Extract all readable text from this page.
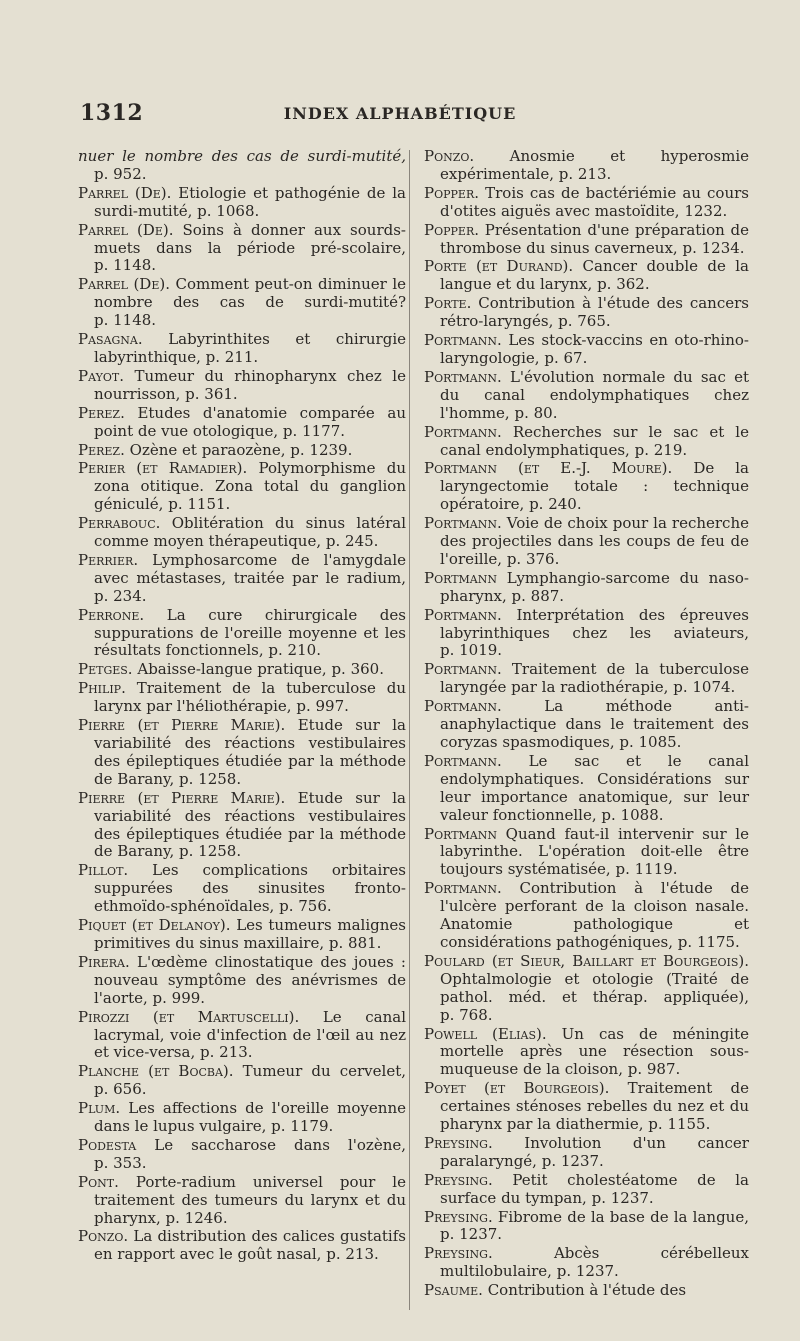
1312	INDEX ALPHABÉTIQUE

nuer le nombre des cas de surdi-mutité, p. 952.

Parrel (De). Etiologie et pathogénie de la surdi-mutité, p. 1068.

Parrel (De). Soins à donner aux sourds-muets dans la période pré-scolaire, p. 1148.

Parrel (De). Comment peut-on diminuer le nombre des cas de surdi-mutité? p. 1148.

Pasagna. Labyrinthites et chirurgie labyrinthique, p. 211.

Payot. Tumeur du rhinopharynx chez le nourrisson, p. 361.

Perez. Etudes d'anatomie comparée au point de vue otologique, p. 1177.

Perez. Ozène et paraozène, p. 1239.

Perier (et Ramadier). Polymorphisme du zona otitique. Zona total du ganglion géniculé, p. 1151.

Perrabouc. Oblitération du sinus latéral comme moyen thérapeutique, p. 245.

Perrier. Lymphosarcome de l'amygdale avec métastases, traitée par le radium, p. 234.

Perrone. La cure chirurgicale des suppurations de l'oreille moyenne et les résultats fonctionnels, p. 210.

Petges. Abaisse-langue pratique, p. 360.

Philip. Traitement de la tuberculose du larynx par l'héliothérapie, p. 997.

Pierre (et Pierre Marie). Etude sur la variabilité des réactions vestibulaires des épileptiques étudiée par la méthode de Barany, p. 1258.

Pierre (et Pierre Marie). Etude sur la variabilité des réactions vestibulaires des épileptiques étudiée par la méthode de Barany, p. 1258.

Pillot. Les complications orbitaires suppurées des sinusites fronto-ethmoïdo-sphénoïdales, p. 756.

Piquet (et Delanoy). Les tumeurs malignes primitives du sinus maxillaire, p. 881.

Pirera. L'œdème clinostatique des joues : nouveau symptôme des anévrismes de l'aorte, p. 999.

Pirozzi (et Martuscelli). Le canal lacrymal, voie d'infection de l'œil au nez et vice-versa, p. 213.

Planche (et Bocba). Tumeur du cervelet, p. 656.

Plum. Les affections de l'oreille moyenne dans le lupus vulgaire, p. 1179.

Podesta Le saccharose dans l'ozène, p. 353.

Pont. Porte-radium universel pour le traitement des tumeurs du larynx et du pharynx, p. 1246.

Ponzo. La distribution des calices gustatifs en rapport avec le goût nasal, p. 213.

Ponzo. Anosmie et hyperosmie expérimentale, p. 213.

Popper. Trois cas de bactériémie au cours d'otites aiguës avec mastoïdite, 1232.

Popper. Présentation d'une préparation de thrombose du sinus caverneux, p. 1234.

Porte (et Durand). Cancer double de la langue et du larynx, p. 362.

Porte. Contribution à l'étude des cancers rétro-laryngés, p. 765.

Portmann. Les stock-vaccins en oto-rhino-laryngologie, p. 67.

Portmann. L'évolution normale du sac et du canal endolymphatiques chez l'homme, p. 80.

Portmann. Recherches sur le sac et le canal endolymphatiques, p. 219.

Portmann (et E.-J. Moure). De la laryngectomie totale : technique opératoire, p. 240.

Portmann. Voie de choix pour la recherche des projectiles dans les coups de feu de l'oreille, p. 376.

Portmann Lymphangio-sarcome du naso-pharynx, p. 887.

Portmann. Interprétation des épreuves labyrinthiques chez les aviateurs, p. 1019.

Portmann. Traitement de la tuberculose laryngée par la radiothérapie, p. 1074.

Portmann.	La méthode anti-anaphylactique dans le traitement des coryzas spasmodiques, p. 1085.

Portmann. Le sac et le canal endolymphatiques. Considérations sur leur importance anatomique, sur leur valeur fonctionnelle, p. 1088.

Portmann Quand faut-il intervenir sur le labyrinthe. L'opération doit-elle être toujours systématisée, p. 1119.

Portmann. Contribution à l'étude de l'ulcère perforant de la cloison nasale. Anatomie pathologique et considérations pathogéniques, p. 1175.

Poulard (et Sieur, Baillart et Bourgeois). Ophtalmologie et otologie (Traité de pathol. méd. et thérap. appliquée), p. 768.

Powell (Elias). Un cas de méningite mortelle après une résection sous-muqueuse de la cloison, p. 987.

Poyet (et Bourgeois). Traitement de certaines sténoses rebelles du nez et du pharynx par la diathermie, p. 1155.

Preysing. Involution d'un cancer paralaryngé, p. 1237.

Preysing. Petit cholestéatome de la surface du tympan, p. 1237.

Preysing. Fibrome de la base de la langue, p. 1237.

Preysing.	Abcès cérébelleux multilobulaire, p. 1237.

Psaume. Contribution à l'étude des
